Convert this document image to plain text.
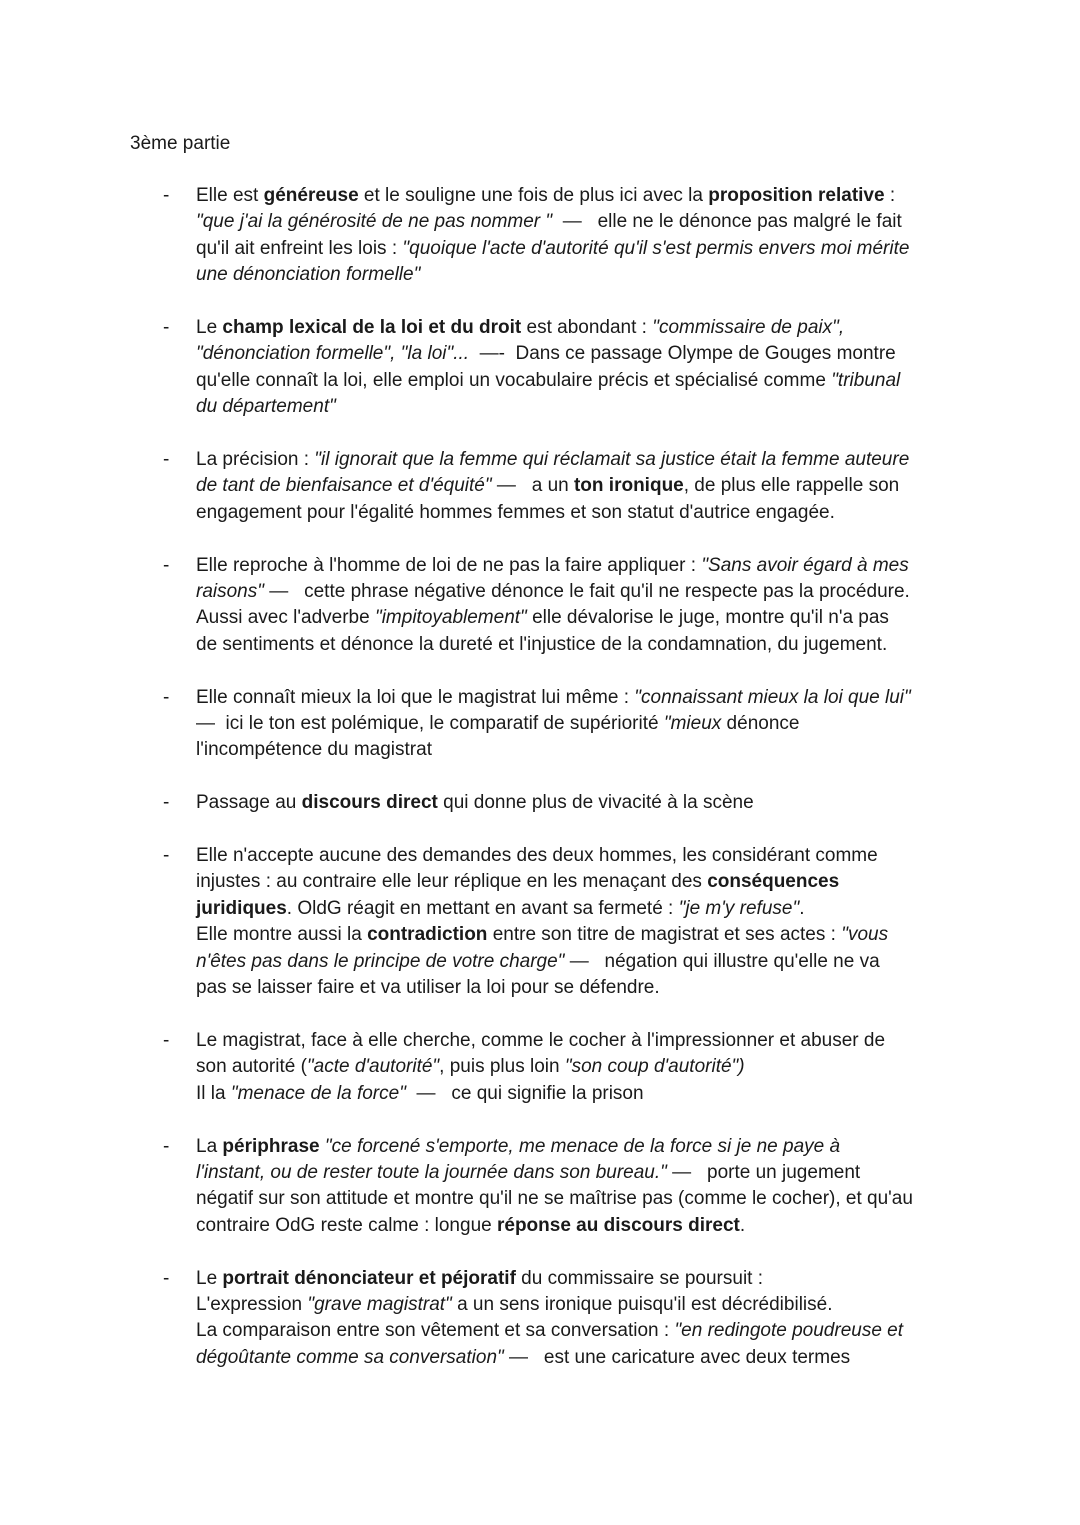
3ème partie
- Elle est généreuse et le souligne une fois de plus ici avec la proposition relative :
"que j'ai la générosité de ne pas nommer "  —   elle ne le dénonce pas malgré le fait
qu'il ait enfreint les lois : "quoique l'acte d'autorité qu'il s'est permis envers moi mérite
une dénonciation formelle"
- Le champ lexical de la loi et du droit est abondant : "commissaire de paix",
"dénonciation formelle", "la loi"...  —-  Dans ce passage Olympe de Gouges montre
qu'elle connaît la loi, elle emploi un vocabulaire précis et spécialisé comme "tribunal
du département"
- La précision : "il ignorait que la femme qui réclamait sa justice était la femme auteure
de tant de bienfaisance et d'équité" —   a un ton ironique, de plus elle rappelle son
engagement pour l'égalité hommes femmes et son statut d'autrice engagée.
- Elle reproche à l'homme de loi de ne pas la faire appliquer : "Sans avoir égard à mes
raisons" —   cette phrase négative dénonce le fait qu'il ne respecte pas la procédure.
Aussi avec l'adverbe "impitoyablement" elle dévalorise le juge, montre qu'il n'a pas
de sentiments et dénonce la dureté et l'injustice de la condamnation, du jugement.
- Elle connaît mieux la loi que le magistrat lui même : "connaissant mieux la loi que lui"
—  ici le ton est polémique, le comparatif de supériorité "mieux dénonce
l'incompétence du magistrat
- Passage au discours direct qui donne plus de vivacité à la scène
- Elle n'accepte aucune des demandes des deux hommes, les considérant comme
injustes : au contraire elle leur réplique en les menaçant des conséquences
juridiques. OldG réagit en mettant en avant sa fermeté : "je m'y refuse".
Elle montre aussi la contradiction entre son titre de magistrat et ses actes : "vous
n'êtes pas dans le principe de votre charge" —   négation qui illustre qu'elle ne va
pas se laisser faire et va utiliser la loi pour se défendre.
- Le magistrat, face à elle cherche, comme le cocher à l'impressionner et abuser de
son autorité ("acte d'autorité", puis plus loin "son coup d'autorité")
Il la "menace de la force"  —   ce qui signifie la prison
- La périphrase "ce forcené s'emporte, me menace de la force si je ne paye à
l'instant, ou de rester toute la journée dans son bureau." —   porte un jugement
négatif sur son attitude et montre qu'il ne se maîtrise pas (comme le cocher), et qu'au
contraire OdG reste calme : longue réponse au discours direct.
- Le portrait dénonciateur et péjoratif du commissaire se poursuit :
L'expression "grave magistrat" a un sens ironique puisqu'il est décrédibilisé.
La comparaison entre son vêtement et sa conversation : "en redingote poudreuse et
dégoûtante comme sa conversation" —   est une caricature avec deux termes
